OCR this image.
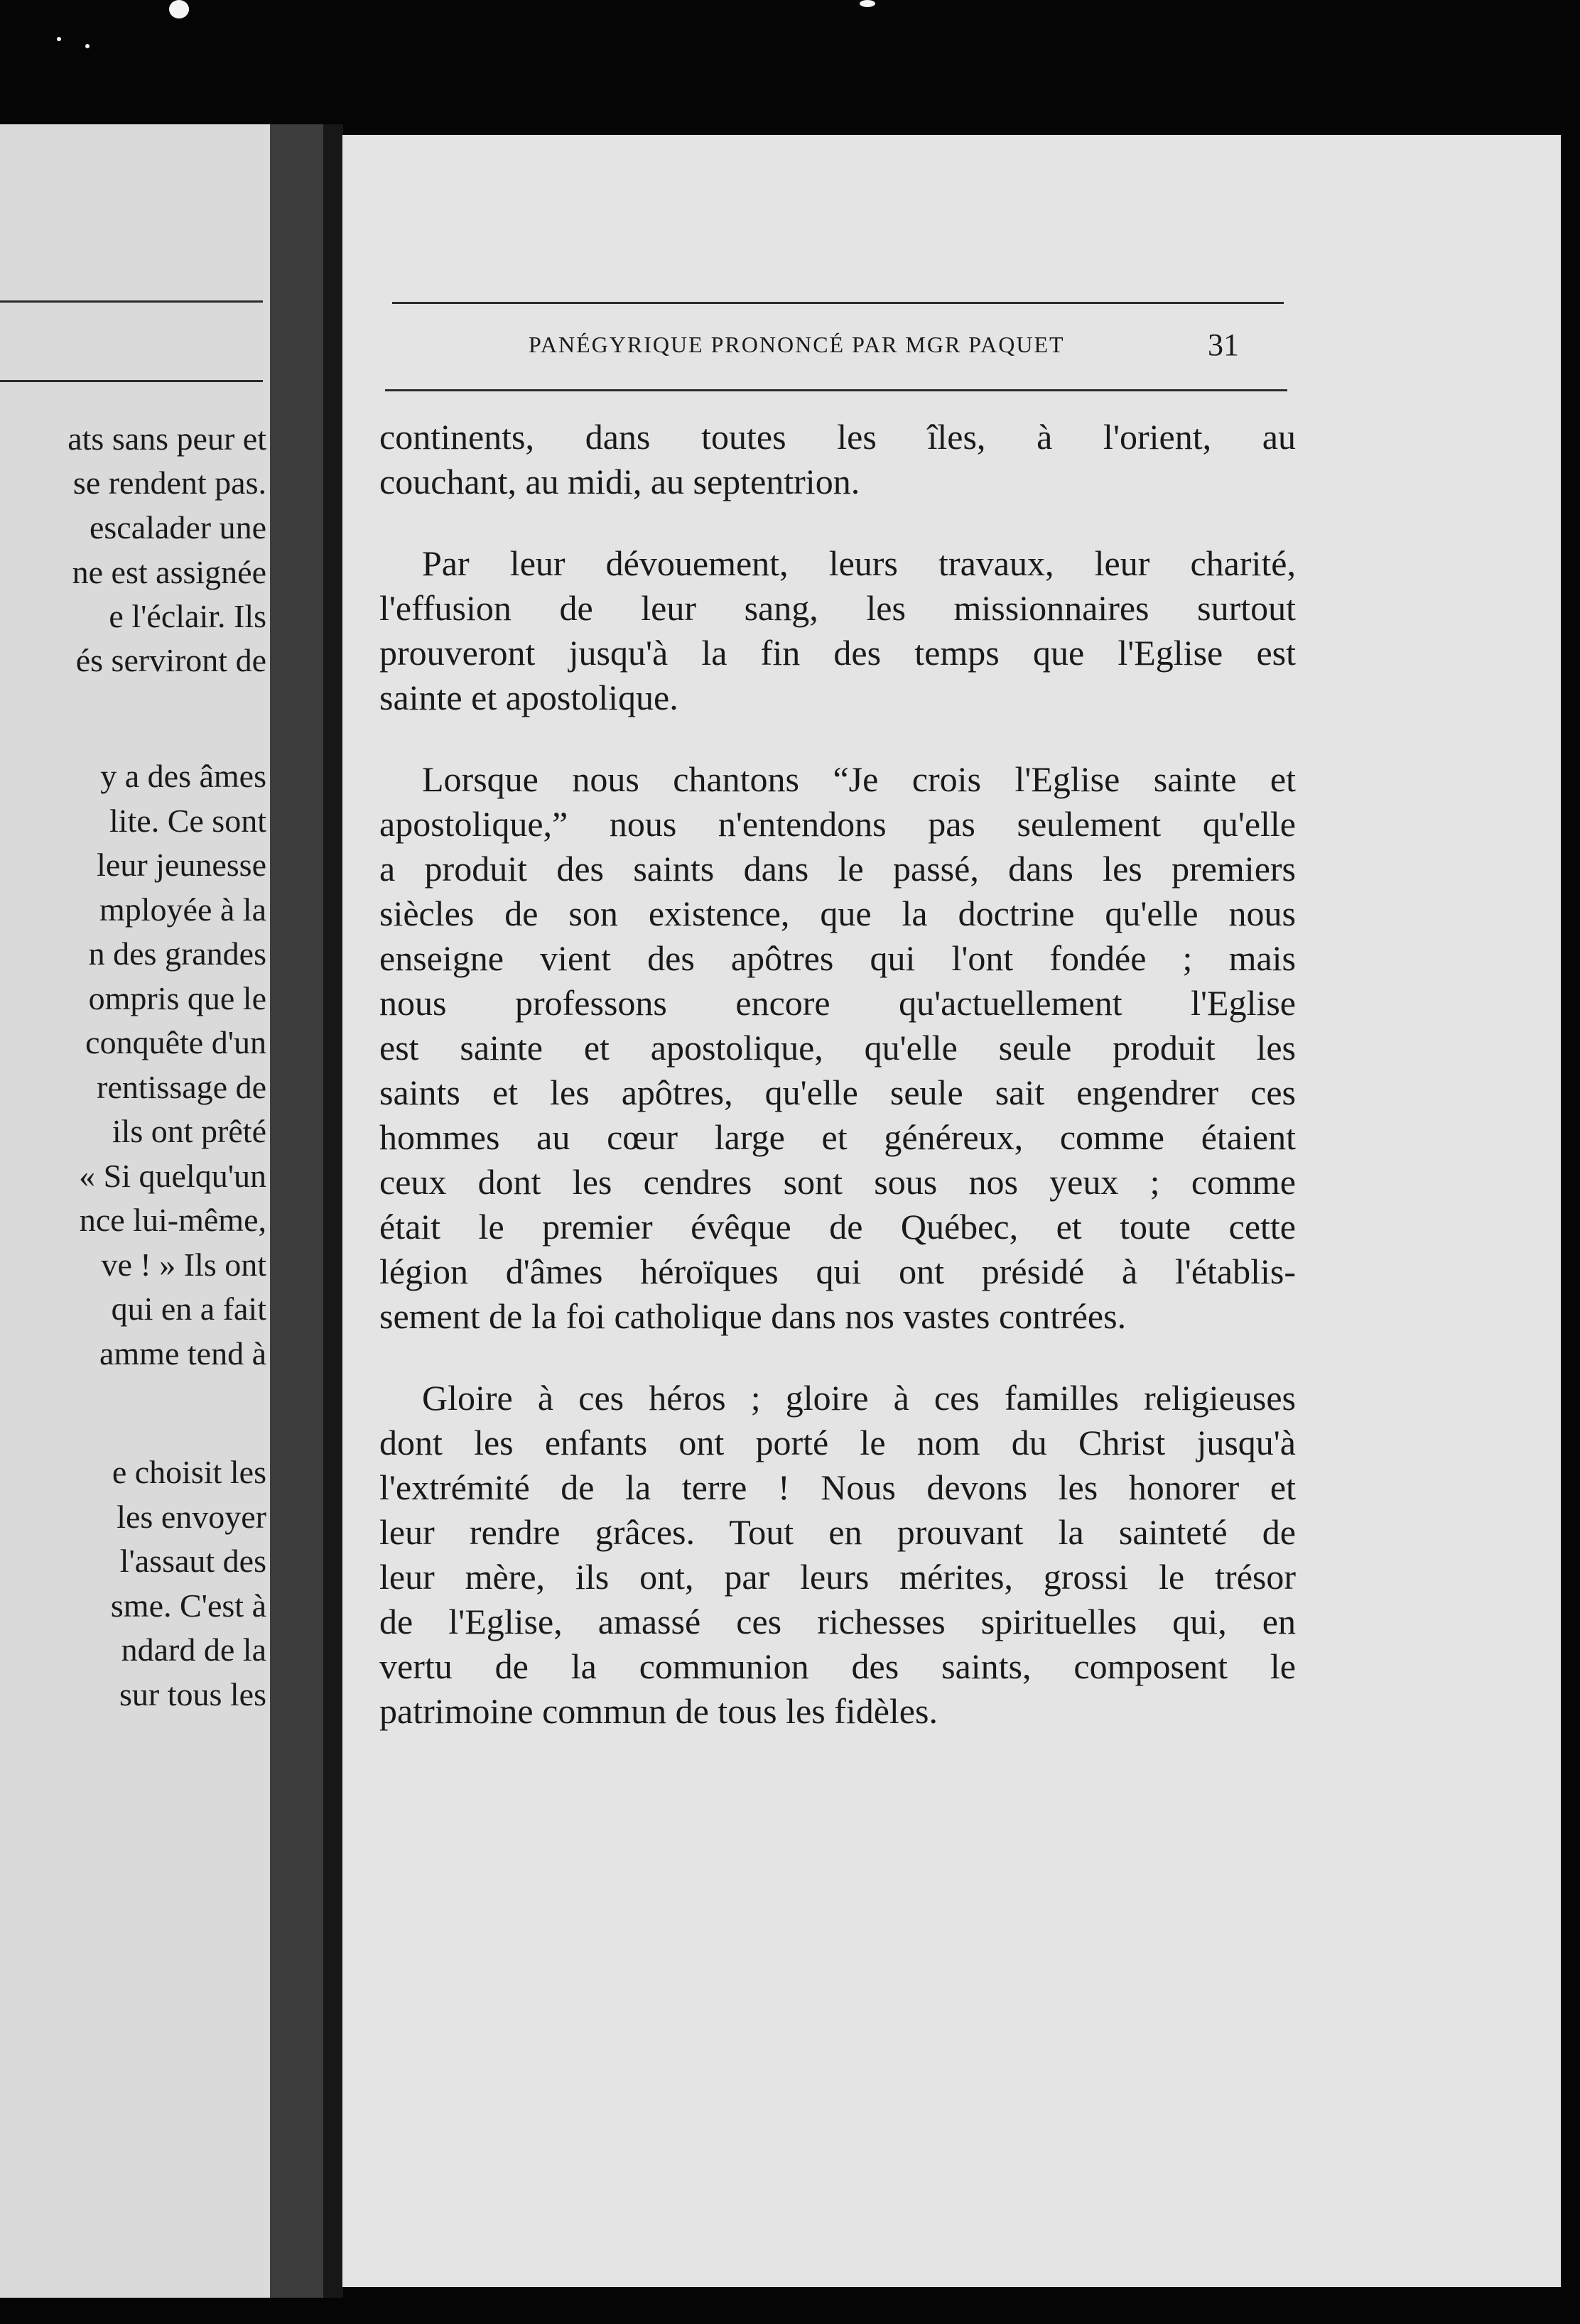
ats sans peur et
se rendent pas.
escalader une
ne est assignée
e l'éclair. Ils
és serviront de
y a des âmes
lite. Ce sont
leur jeunesse
mployée à la
n des grandes
ompris que le
conquête d'un
rentissage de
ils ont prêté
« Si quelqu'un
nce lui-même,
ve ! » Ils ont
qui en a fait
amme tend à
e choisit les
les envoyer
l'assaut des
sme. C'est à
ndard de la
sur tous les
PANÉGYRIQUE PRONONCÉ PAR MGR PAQUET	31
continents, dans toutes les îles, à l'orient, au
couchant, au midi, au septentrion.
Par leur dévouement, leurs travaux, leur charité,
l'effusion de leur sang, les missionnaires surtout
prouveront jusqu'à la fin des temps que l'Eglise est
sainte et apostolique.
Lorsque nous chantons “Je crois l'Eglise sainte et
apostolique,” nous n'entendons pas seulement qu'elle
a produit des saints dans le passé, dans les premiers
siècles de son existence, que la doctrine qu'elle nous
enseigne vient des apôtres qui l'ont fondée ; mais
nous professons encore qu'actuellement l'Eglise
est sainte et apostolique, qu'elle seule produit les
saints et les apôtres, qu'elle seule sait engendrer ces
hommes au cœur large et généreux, comme étaient
ceux dont les cendres sont sous nos yeux ; comme
était le premier évêque de Québec, et toute cette
légion d'âmes héroïques qui ont présidé à l'établis-
sement de la foi catholique dans nos vastes contrées.
Gloire à ces héros ; gloire à ces familles religieuses
dont les enfants ont porté le nom du Christ jusqu'à
l'extrémité de la terre ! Nous devons les honorer et
leur rendre grâces. Tout en prouvant la sainteté de
leur mère, ils ont, par leurs mérites, grossi le trésor
de l'Eglise, amassé ces richesses spirituelles qui, en
vertu de la communion des saints, composent le
patrimoine commun de tous les fidèles.
